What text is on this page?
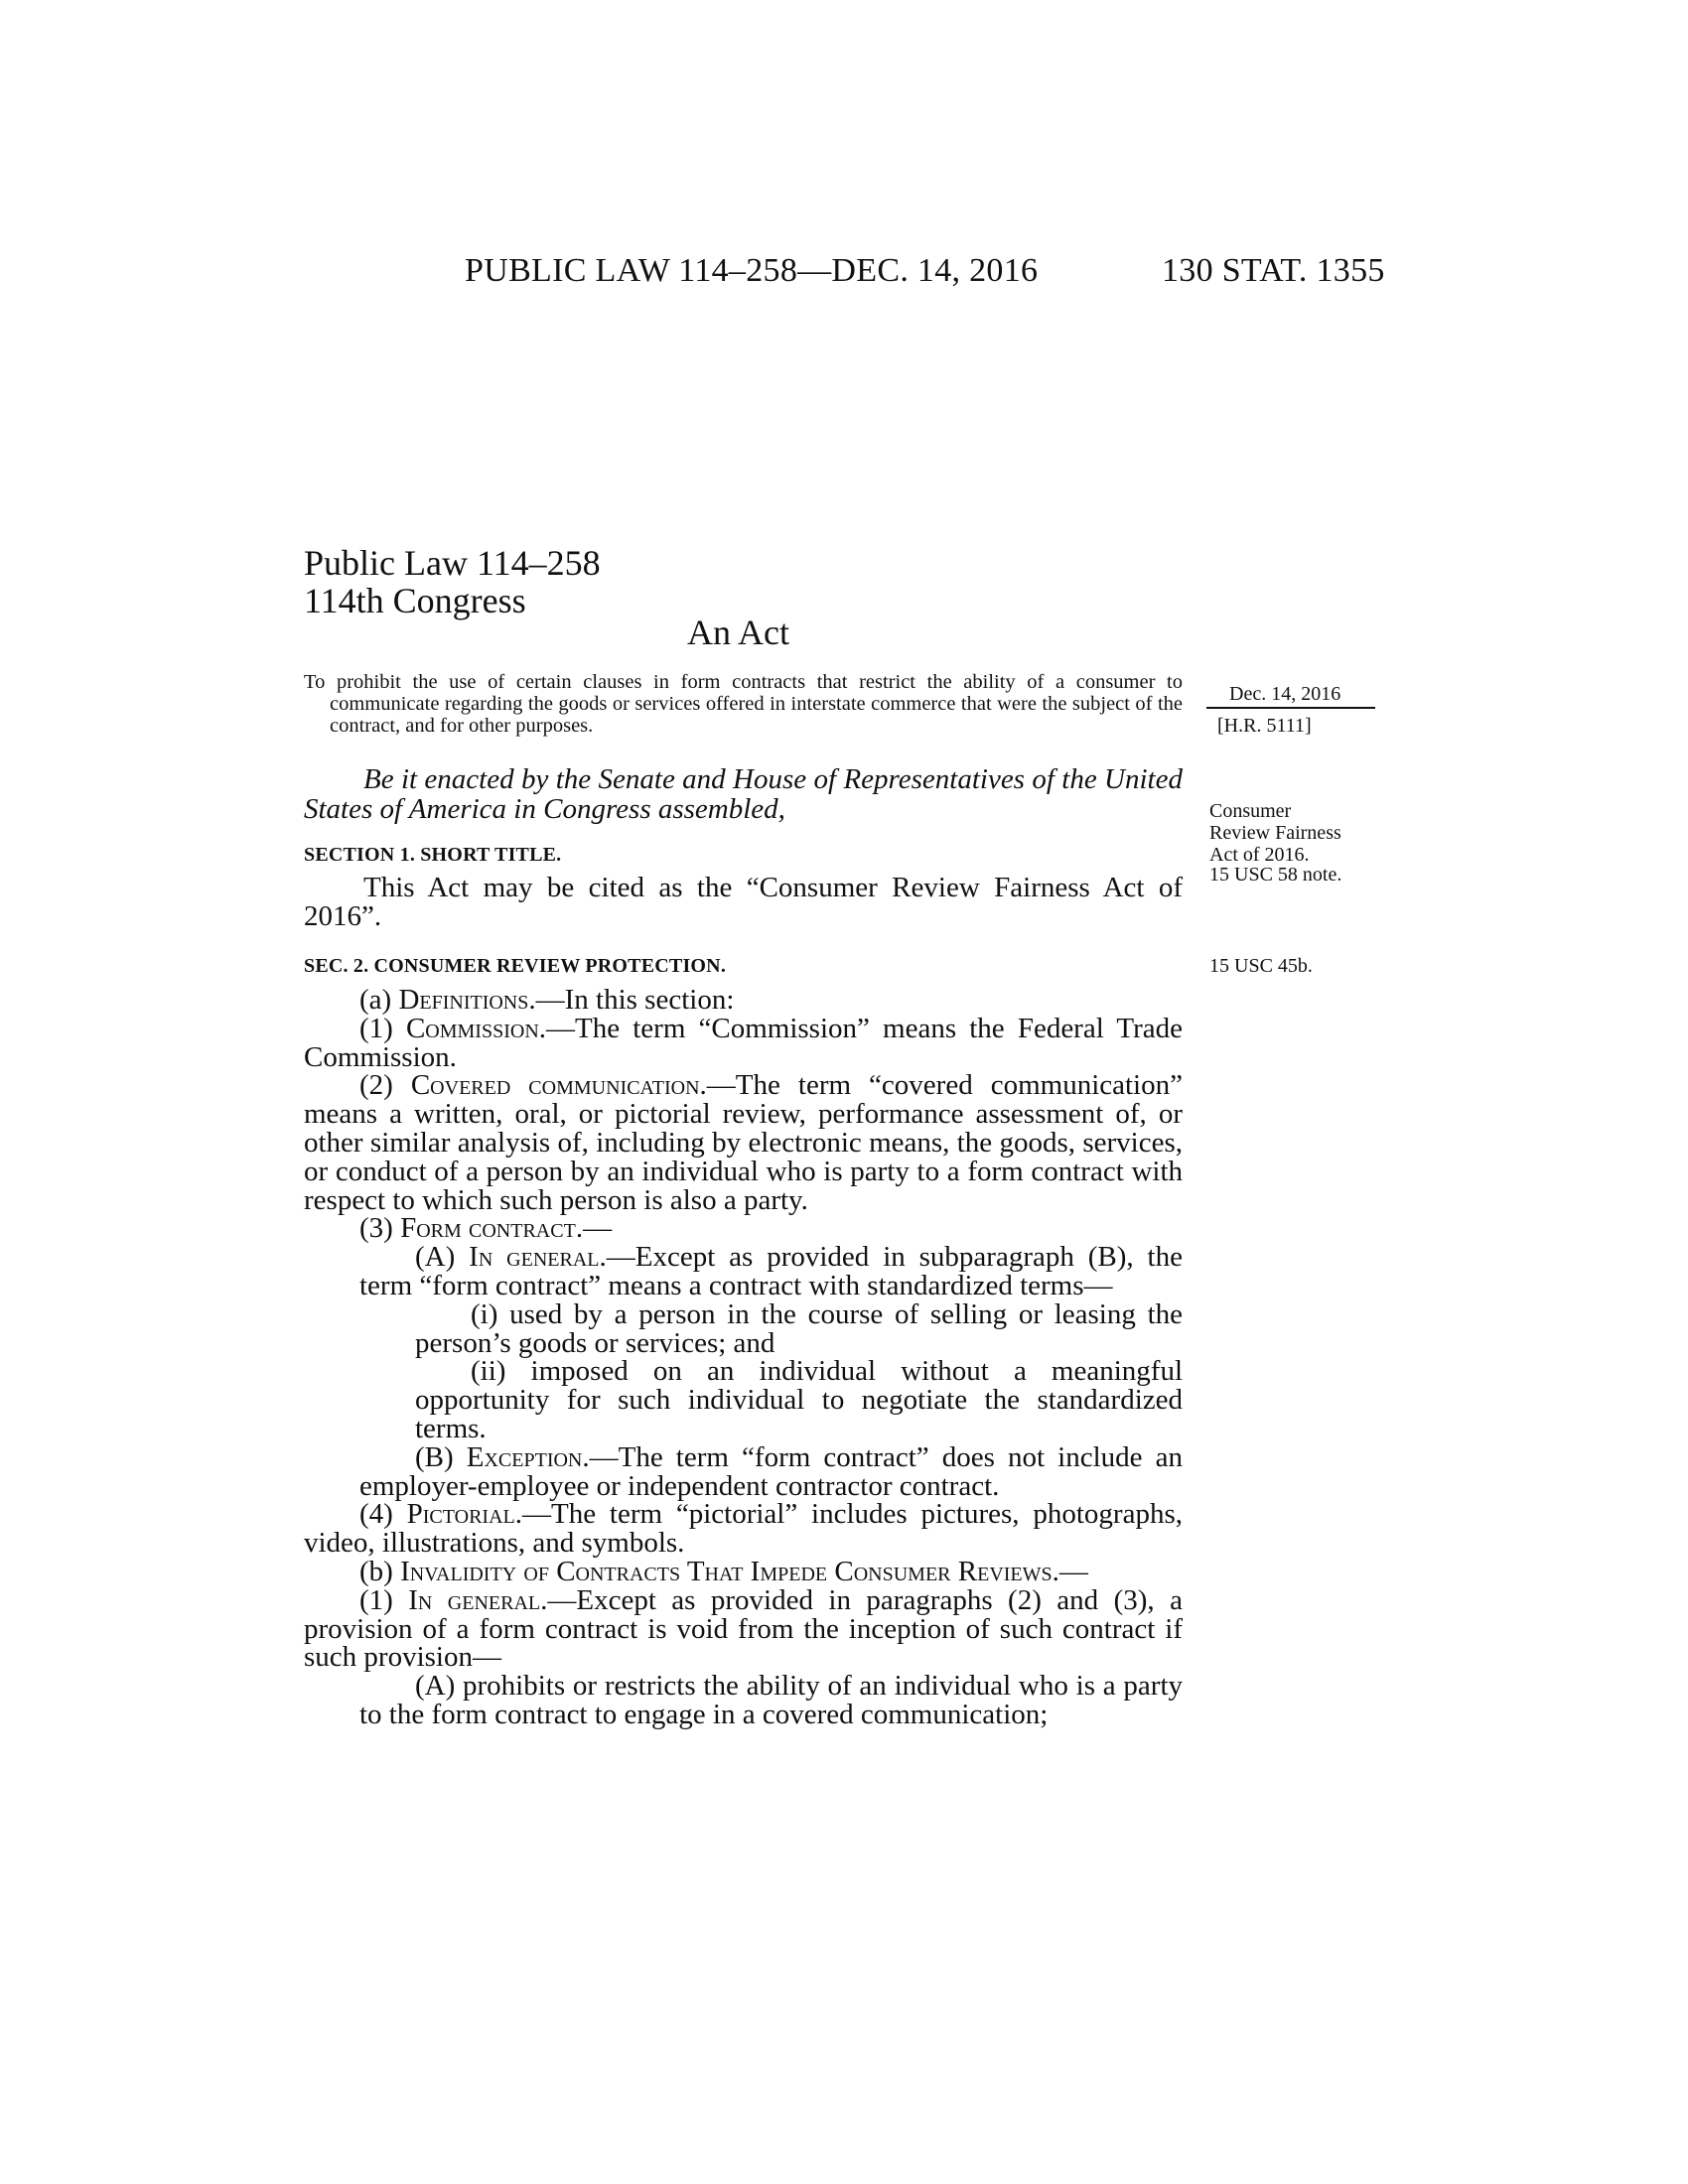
PUBLIC LAW 114–258—DEC. 14, 2016	130 STAT. 1355
Public Law 114–258
114th Congress
An Act

To prohibit the use of certain clauses in form contracts that restrict the ability of a consumer to communicate regarding the goods or services offered in interstate commerce that were the subject of the contract, and for other purposes.

Dec. 14, 2016
[H.R. 5111]
Consumer
Review Fairness
Act of 2016.
15 USC 58 note.
15 USC 45b.

Be it enacted by the Senate and House of Representatives of the United States of America in Congress assembled,

SECTION 1. SHORT TITLE.

This Act may be cited as the “Consumer Review Fairness Act of 2016”.

SEC. 2. CONSUMER REVIEW PROTECTION.

(a) Definitions.—In this section:

(1) Commission.—The term “Commission” means the Federal Trade Commission.

(2) Covered communication.—The term “covered communication” means a written, oral, or pictorial review, performance assessment of, or other similar analysis of, including by electronic means, the goods, services, or conduct of a person by an individual who is party to a form contract with respect to which such person is also a party.

(3) Form contract.—

(A) In general.—Except as provided in subparagraph (B), the term “form contract” means a contract with standardized terms—

(i) used by a person in the course of selling or leasing the person’s goods or services; and

(ii) imposed on an individual without a meaningful opportunity for such individual to negotiate the standardized terms.

(B) Exception.—The term “form contract” does not include an employer-employee or independent contractor contract.

(4) Pictorial.—The term “pictorial” includes pictures, photographs, video, illustrations, and symbols.

(b) Invalidity of Contracts That Impede Consumer Reviews.—

(1) In general.—Except as provided in paragraphs (2) and (3), a provision of a form contract is void from the inception of such contract if such provision—

(A) prohibits or restricts the ability of an individual who is a party to the form contract to engage in a covered communication;
